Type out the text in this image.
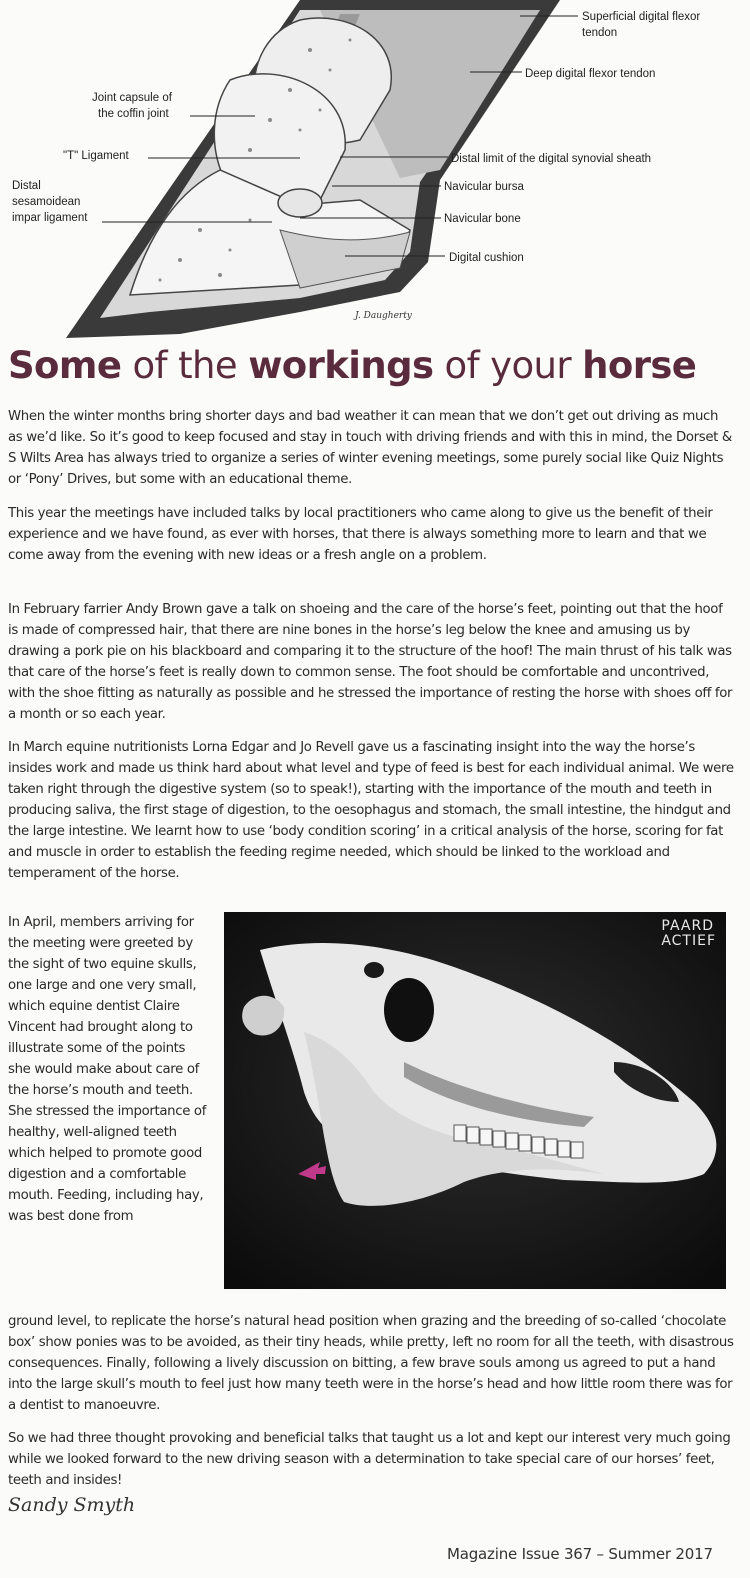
J. Daugherty
Superficial digital flexor
tendon
Deep digital flexor tendon
Joint capsule of
the coffin joint
"T" Ligament	Distal limit of the digital synovial sheath
Distal
sesamoidean
impar ligament
Navicular bursa
Navicular bone
Digital cushion
Some of the workings of your horse

When the winter months bring shorter days and bad weather it can mean that we don’t get out driving as much as we’d like. So it’s good to keep focused and stay in touch with driving friends and with this in mind, the Dorset & S Wilts Area has always tried to organize a series of winter evening meetings, some purely social like Quiz Nights or ‘Pony’ Drives, but some with an educational theme.

This year the meetings have included talks by local practitioners who came along to give us the benefit of their experience and we have found, as ever with horses, that there is always something more to learn and that we come away from the evening with new ideas or a fresh angle on a problem.

In February farrier Andy Brown gave a talk on shoeing and the care of the horse’s feet, pointing out that the hoof is made of compressed hair, that there are nine bones in the horse’s leg below the knee and amusing us by drawing a pork pie on his blackboard and comparing it to the structure of the hoof! The main thrust of his talk was that care of the horse’s feet is really down to common sense. The foot should be comfortable and uncontrived, with the shoe fitting as naturally as possible and he stressed the importance of resting the horse with shoes off for a month or so each year.

In March equine nutritionists Lorna Edgar and Jo Revell gave us a fascinating insight into the way the horse’s insides work and made us think hard about what level and type of feed is best for each individual animal. We were taken right through the digestive system (so to speak!), starting with the importance of the mouth and teeth in producing saliva, the first stage of digestion, to the oesophagus and stomach, the small intestine, the hindgut and the large intestine. We learnt how to use ‘body condition scoring’ in a critical analysis of the horse, scoring for fat and muscle in order to establish the feeding regime needed, which should be linked to the workload and temperament of the horse.

In April, members arriving for the meeting were greeted by the sight of two equine skulls, one large and one very small, which equine dentist Claire Vincent had brought along to illustrate some of the points she would make about care of the horse’s mouth and teeth. She stressed the importance of healthy, well-aligned teeth which helped to promote good digestion and a comfortable mouth. Feeding, including hay, was best done from

PAARD
ACTIEF

ground level, to replicate the horse’s natural head position when grazing and the breeding of so-called ‘chocolate box’ show ponies was to be avoided, as their tiny heads, while pretty, left no room for all the teeth, with disastrous consequences. Finally, following a lively discussion on bitting, a few brave souls among us agreed to put a hand into the large skull’s mouth to feel just how many teeth were in the horse’s head and how little room there was for a dentist to manoeuvre.

So we had three thought provoking and beneficial talks that taught us a lot and kept our interest very much going while we looked forward to the new driving season with a determination to take special care of our horses’ feet, teeth and insides!

Sandy Smyth
Magazine Issue 367 – Summer 2017
